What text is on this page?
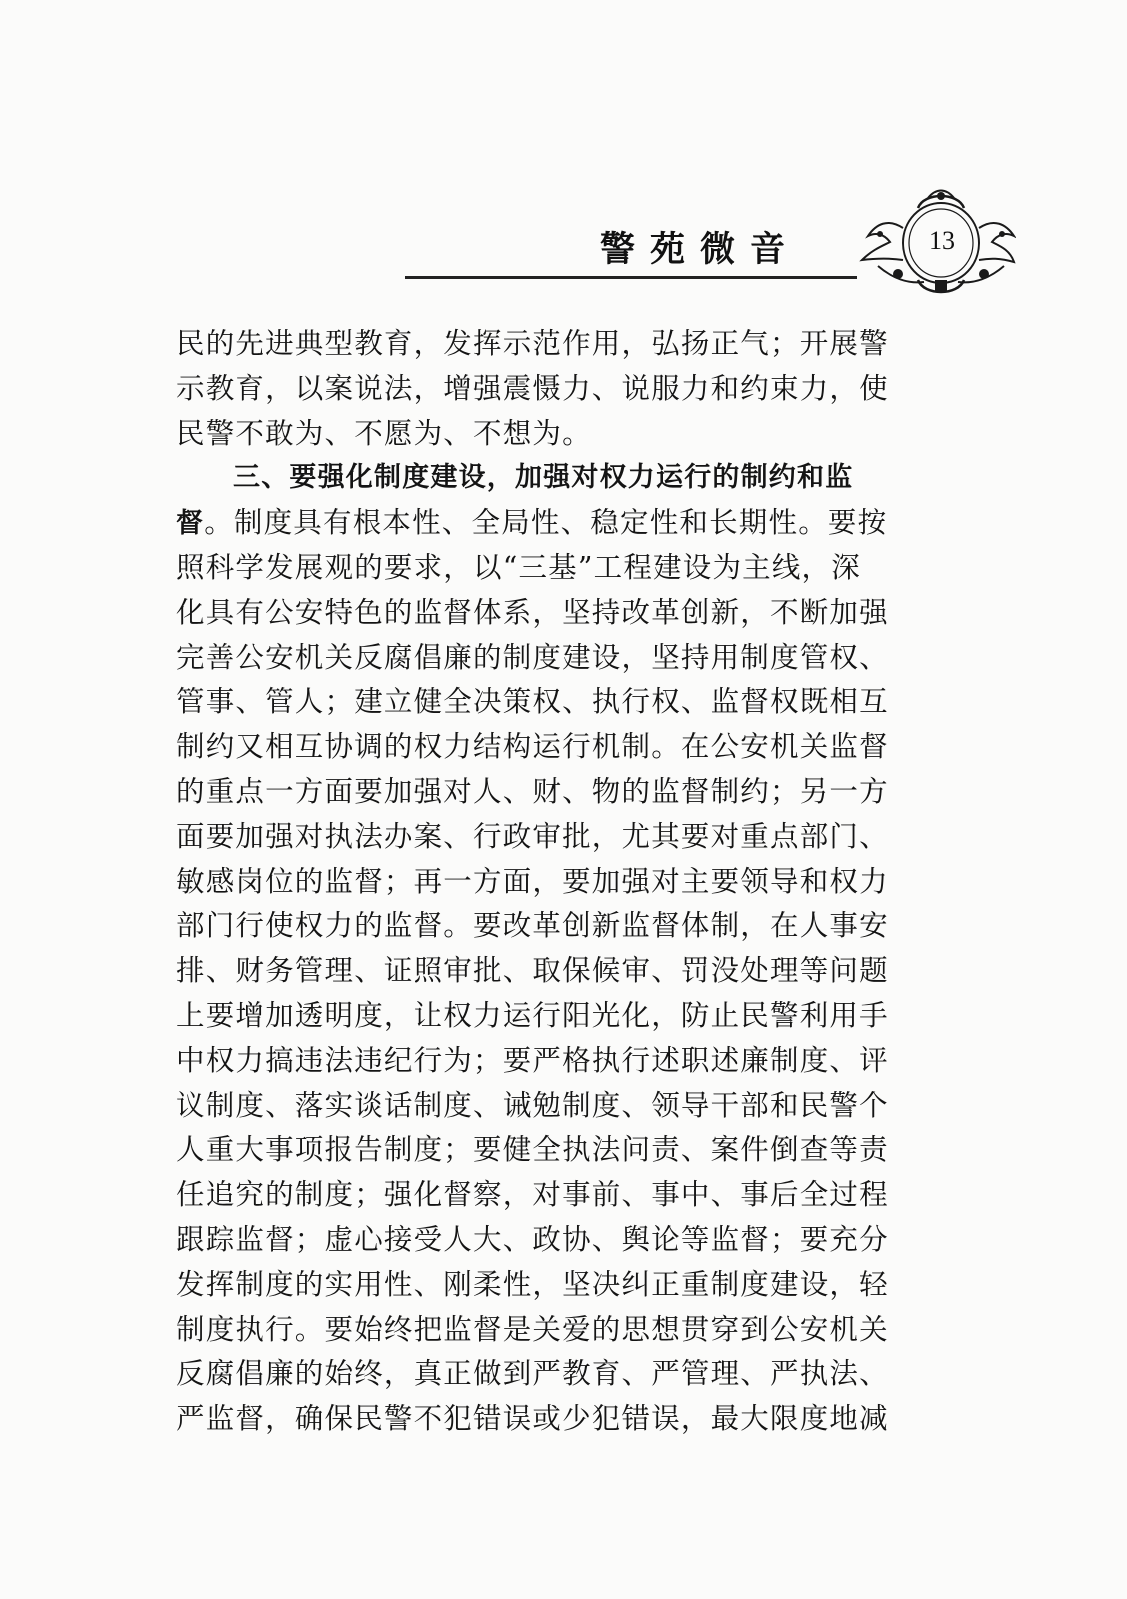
警苑微音	13
民的先进典型教育，发挥示范作用，弘扬正气；开展警
示教育，以案说法，增强震慑力、说服力和约束力，使
民警不敢为、不愿为、不想为。
三、要强化制度建设，加强对权力运行的制约和监
督。制度具有根本性、全局性、稳定性和长期性。要按
照科学发展观的要求，以“三基”工程建设为主线，深
化具有公安特色的监督体系，坚持改革创新，不断加强
完善公安机关反腐倡廉的制度建设，坚持用制度管权、
管事、管人；建立健全决策权、执行权、监督权既相互
制约又相互协调的权力结构运行机制。在公安机关监督
的重点一方面要加强对人、财、物的监督制约；另一方
面要加强对执法办案、行政审批，尤其要对重点部门、
敏感岗位的监督；再一方面，要加强对主要领导和权力
部门行使权力的监督。要改革创新监督体制，在人事安
排、财务管理、证照审批、取保候审、罚没处理等问题
上要增加透明度，让权力运行阳光化，防止民警利用手
中权力搞违法违纪行为；要严格执行述职述廉制度、评
议制度、落实谈话制度、诫勉制度、领导干部和民警个
人重大事项报告制度；要健全执法问责、案件倒查等责
任追究的制度；强化督察，对事前、事中、事后全过程
跟踪监督；虚心接受人大、政协、舆论等监督；要充分
发挥制度的实用性、刚柔性，坚决纠正重制度建设，轻
制度执行。要始终把监督是关爱的思想贯穿到公安机关
反腐倡廉的始终，真正做到严教育、严管理、严执法、
严监督，确保民警不犯错误或少犯错误，最大限度地减
